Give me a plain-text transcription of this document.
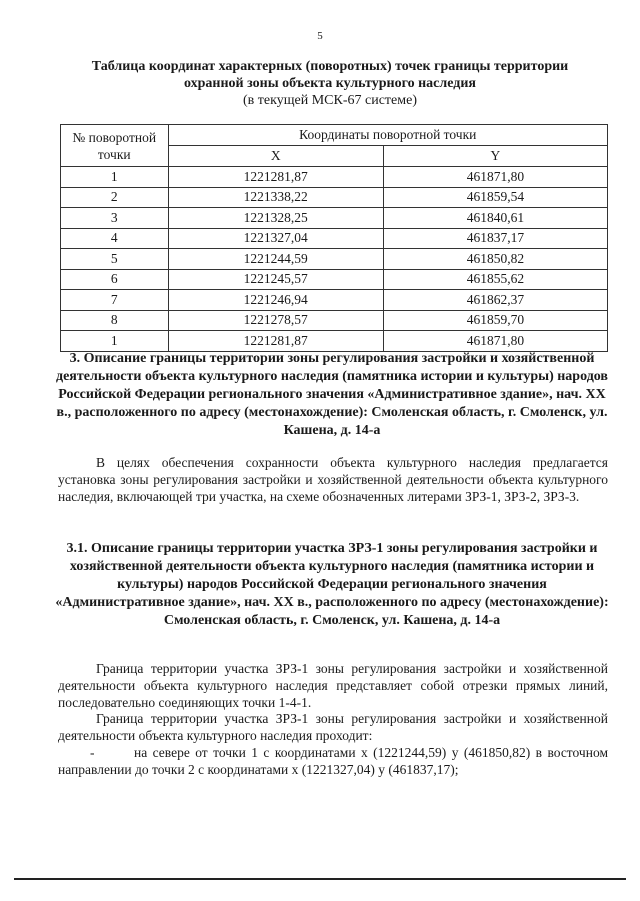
5
Таблица координат характерных (поворотных) точек границы территории
охранной зоны объекта культурного наследия
(в текущей МСК-67 системе)
№ поворотной точки	Координаты поворотной точки	
	X	Y
1	1221281,87	461871,80
2	1221338,22	461859,54
3	1221328,25	461840,61
4	1221327,04	461837,17
5	1221244,59	461850,82
6	1221245,57	461855,62
7	1221246,94	461862,37
8	1221278,57	461859,70
1	1221281,87	461871,80
3. Описание границы территории зоны регулирования застройки и хозяйственной деятельности объекта культурного наследия (памятника истории и культуры) народов Российской Федерации регионального значения «Административное здание», нач. XX в., расположенного по адресу (местонахождение): Смоленская область, г. Смоленск, ул. Кашена, д. 14-а
В целях обеспечения сохранности объекта культурного наследия предлагается установка зоны регулирования застройки и хозяйственной деятельности объекта культурного наследия, включающей три участка, на схеме обозначенных литерами ЗРЗ-1, ЗРЗ-2, ЗРЗ-3.
3.1. Описание границы территории участка ЗРЗ-1 зоны регулирования застройки и хозяйственной деятельности объекта культурного наследия (памятника истории и культуры) народов Российской Федерации регионального значения «Административное здание», нач. XX в., расположенного по адресу (местонахождение): Смоленская область, г. Смоленск, ул. Кашена, д. 14-а
Граница территории участка ЗРЗ-1 зоны регулирования застройки и хозяйственной деятельности объекта культурного наследия представляет собой отрезки прямых линий, последовательно соединяющих точки 1-4-1.
Граница территории участка ЗРЗ-1 зоны регулирования застройки и хозяйственной деятельности объекта культурного наследия проходит:
-	на севере от точки 1 с координатами x (1221244,59) y (461850,82) в восточном направлении до точки 2 с координатами x (1221327,04) y (461837,17);
